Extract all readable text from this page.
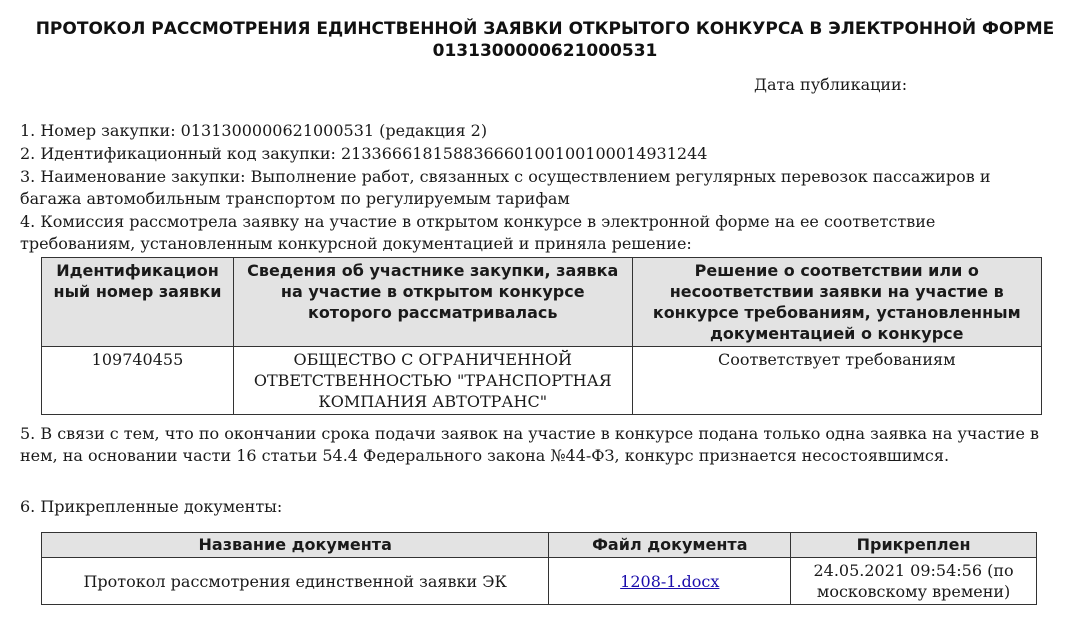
ПРОТОКОЛ РАССМОТРЕНИЯ ЕДИНСТВЕННОЙ ЗАЯВКИ ОТКРЫТОГО КОНКУРСА В ЭЛЕКТРОННОЙ ФОРМЕ
0131300000621000531
Дата публикации:
1. Номер закупки: 0131300000621000531 (редакция 2)
2. Идентификационный код закупки: 213366618158836660100100100014931244
3. Наименование закупки: Выполнение работ, связанных с осуществлением регулярных перевозок пассажиров и багажа автомобильным транспортом по регулируемым тарифам
4. Комиссия рассмотрела заявку на участие в открытом конкурсе в электронной форме на ее соответствие требованиям, установленным конкурсной документацией и приняла решение:
Идентификацион ный номер заявки	Сведения об участнике закупки, заявка на участие в открытом конкурсе которого рассматривалась	Решение о соответствии или о несоответствии заявки на участие в конкурсе требованиям, установленным документацией о конкурсе
109740455	ОБЩЕСТВО С ОГРАНИЧЕННОЙ ОТВЕТСТВЕННОСТЬЮ "ТРАНСПОРТНАЯ КОМПАНИЯ АВТОТРАНС"	Соответствует требованиям
5. В связи с тем, что по окончании срока подачи заявок на участие в конкурсе подана только одна заявка на участие в нем, на основании части 16 статьи 54.4 Федерального закона №44-ФЗ, конкурс признается несостоявшимся.
6. Прикрепленные документы:
Название документа	Файл документа	Прикреплен
Протокол рассмотрения единственной заявки ЭК	1208-1.docx	24.05.2021 09:54:56 (по московскому времени)
